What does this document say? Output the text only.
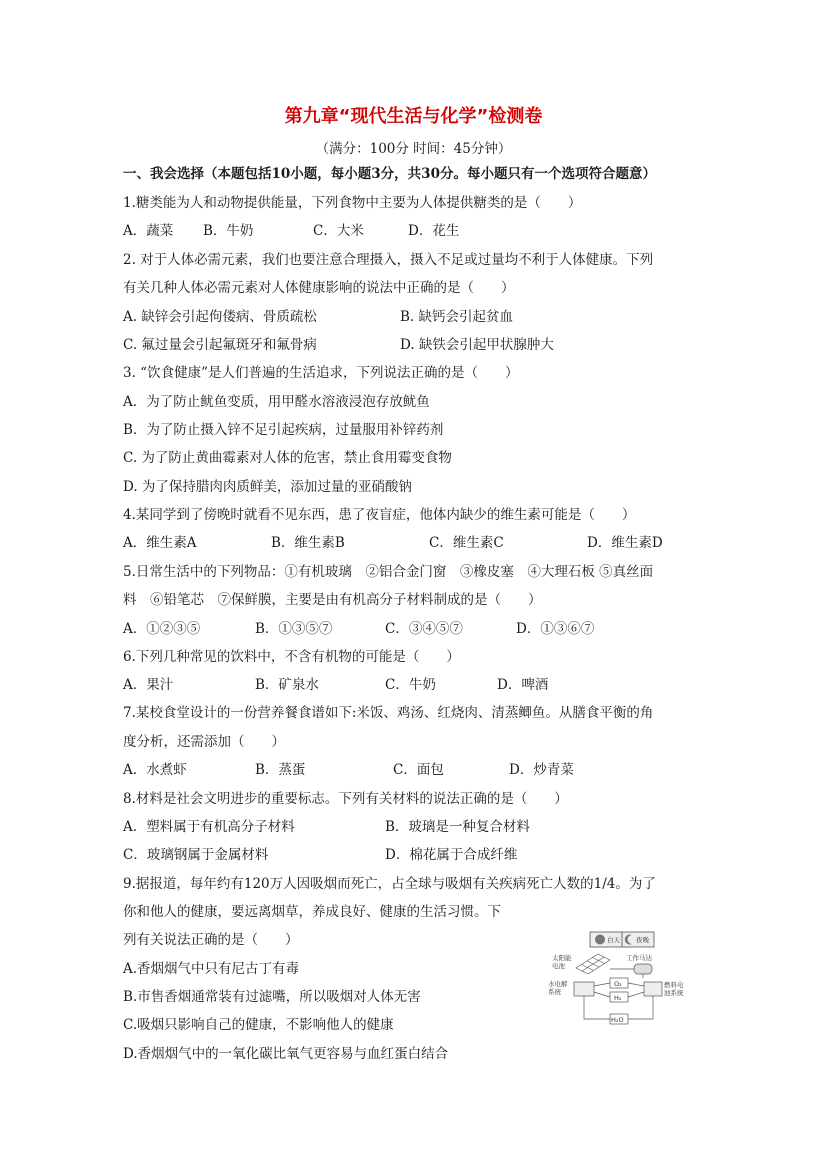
第九章“现代生活与化学”检测卷
（满分：100分 时间：45分钟）
一、我会选择（本题包括10小题，每小题3分，共30分。每小题只有一个选项符合题意）
1.糖类能为人和动物提供能量，下列食物中主要为人体提供糖类的是（　　）
A．蔬菜 B．牛奶	C．大米	D．花生
2. 对于人体必需元素，我们也要注意合理摄入，摄入不足或过量均不利于人体健康。下列
有关几种人体必需元素对人体健康影响的说法中正确的是（　　）
A. 缺锌会引起佝偻病、骨质疏松	B. 缺钙会引起贫血
C. 氟过量会引起氟斑牙和氟骨病	D. 缺铁会引起甲状腺肿大
3. “饮食健康”是人们普遍的生活追求，下列说法正确的是（　　）
A．为了防止鱿鱼变质，用甲醛水溶液浸泡存放鱿鱼
B．为了防止摄入锌不足引起疾病，过量服用补锌药剂
C. 为了防止黄曲霉素对人体的危害，禁止食用霉变食物
D. 为了保持腊肉肉质鲜美，添加过量的亚硝酸钠
4.某同学到了傍晚时就看不见东西，患了夜盲症，他体内缺少的维生素可能是（　　）
A．维生素A	B．维生素B	C．维生素C	D．维生素D
5.日常生活中的下列物品：①有机玻璃　②铝合金门窗　③橡皮塞　④大理石板 ⑤真丝面
料　⑥铅笔芯　⑦保鲜膜，主要是由有机高分子材料制成的是（　　）
A．①②③⑤	B．①③⑤⑦	C．③④⑤⑦	D．①③⑥⑦
6.下列几种常见的饮料中，不含有机物的可能是（　　）
A．果汁	B．矿泉水	C．牛奶	D．啤酒
7.某校食堂设计的一份营养餐食谱如下:米饭、鸡汤、红烧肉、清蒸鲫鱼。从膳食平衡的角
度分析，还需添加（　　）
A．水煮虾	B．蒸蛋	C．面包	D．炒青菜
8.材料是社会文明进步的重要标志。下列有关材料的说法正确的是（　　）
A．塑料属于有机高分子材料	B．玻璃是一种复合材料
C．玻璃钢属于金属材料	D．棉花属于合成纤维
9.据报道，每年约有120万人因吸烟而死亡，占全球与吸烟有关疾病死亡人数的1/4。为了
你和他人的健康，要远离烟草，养成良好、健康的生活习惯。下
列有关说法正确的是（　　）
A.香烟烟气中只有尼古丁有毒
B.市售香烟通常装有过滤嘴，所以吸烟对人体无害
C.吸烟只影响自己的健康，不影响他人的健康
D.香烟烟气中的一氧化碳比氧气更容易与血红蛋白结合
白天 夜晚
太阳能
电池
工作马达
水电解
系统
O₂
H₂
燃料电
池系统
H₂O
